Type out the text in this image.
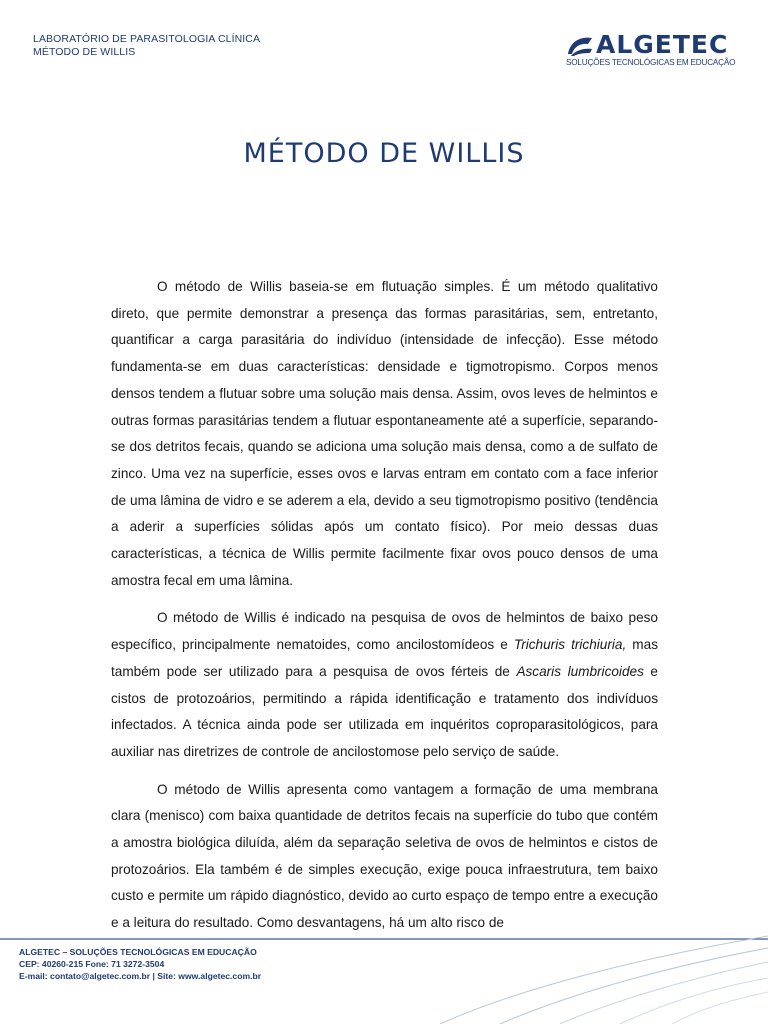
LABORATÓRIO DE PARASITOLOGIA CLÍNICA
MÉTODO DE WILLIS	ALGETEC
SOLUÇÕES TECNOLÓGICAS EM EDUCAÇÃO
MÉTODO DE WILLIS

O método de Willis baseia-se em flutuação simples. É um método qualitativo direto, que permite demonstrar a presença das formas parasitárias, sem, entretanto, quantificar a carga parasitária do indivíduo (intensidade de infecção). Esse método fundamenta-se em duas características: densidade e tigmotropismo. Corpos menos densos tendem a flutuar sobre uma solução mais densa. Assim, ovos leves de helmintos e outras formas parasitárias tendem a flutuar espontaneamente até a superfície, separando-se dos detritos fecais, quando se adiciona uma solução mais densa, como a de sulfato de zinco. Uma vez na superfície, esses ovos e larvas entram em contato com a face inferior de uma lâmina de vidro e se aderem a ela, devido a seu tigmotropismo positivo (tendência a aderir a superfícies sólidas após um contato físico). Por meio dessas duas características, a técnica de Willis permite facilmente fixar ovos pouco densos de uma amostra fecal em uma lâmina.

O método de Willis é indicado na pesquisa de ovos de helmintos de baixo peso específico, principalmente nematoides, como ancilostomídeos e Trichuris trichiuria, mas também pode ser utilizado para a pesquisa de ovos férteis de Ascaris lumbricoides e cistos de protozoários, permitindo a rápida identificação e tratamento dos indivíduos infectados. A técnica ainda pode ser utilizada em inquéritos coproparasitológicos, para auxiliar nas diretrizes de controle de ancilostomose pelo serviço de saúde.

O método de Willis apresenta como vantagem a formação de uma membrana clara (menisco) com baixa quantidade de detritos fecais na superfície do tubo que contém a amostra biológica diluída, além da separação seletiva de ovos de helmintos e cistos de protozoários. Ela também é de simples execução, exige pouca infraestrutura, tem baixo custo e permite um rápido diagnóstico, devido ao curto espaço de tempo entre a execução e a leitura do resultado. Como desvantagens, há um alto risco de

ALGETEC – SOLUÇÕES TECNOLÓGICAS EM EDUCAÇÃO
CEP: 40260-215 Fone: 71 3272-3504
E-mail: contato@algetec.com.br | Site: www.algetec.com.br
